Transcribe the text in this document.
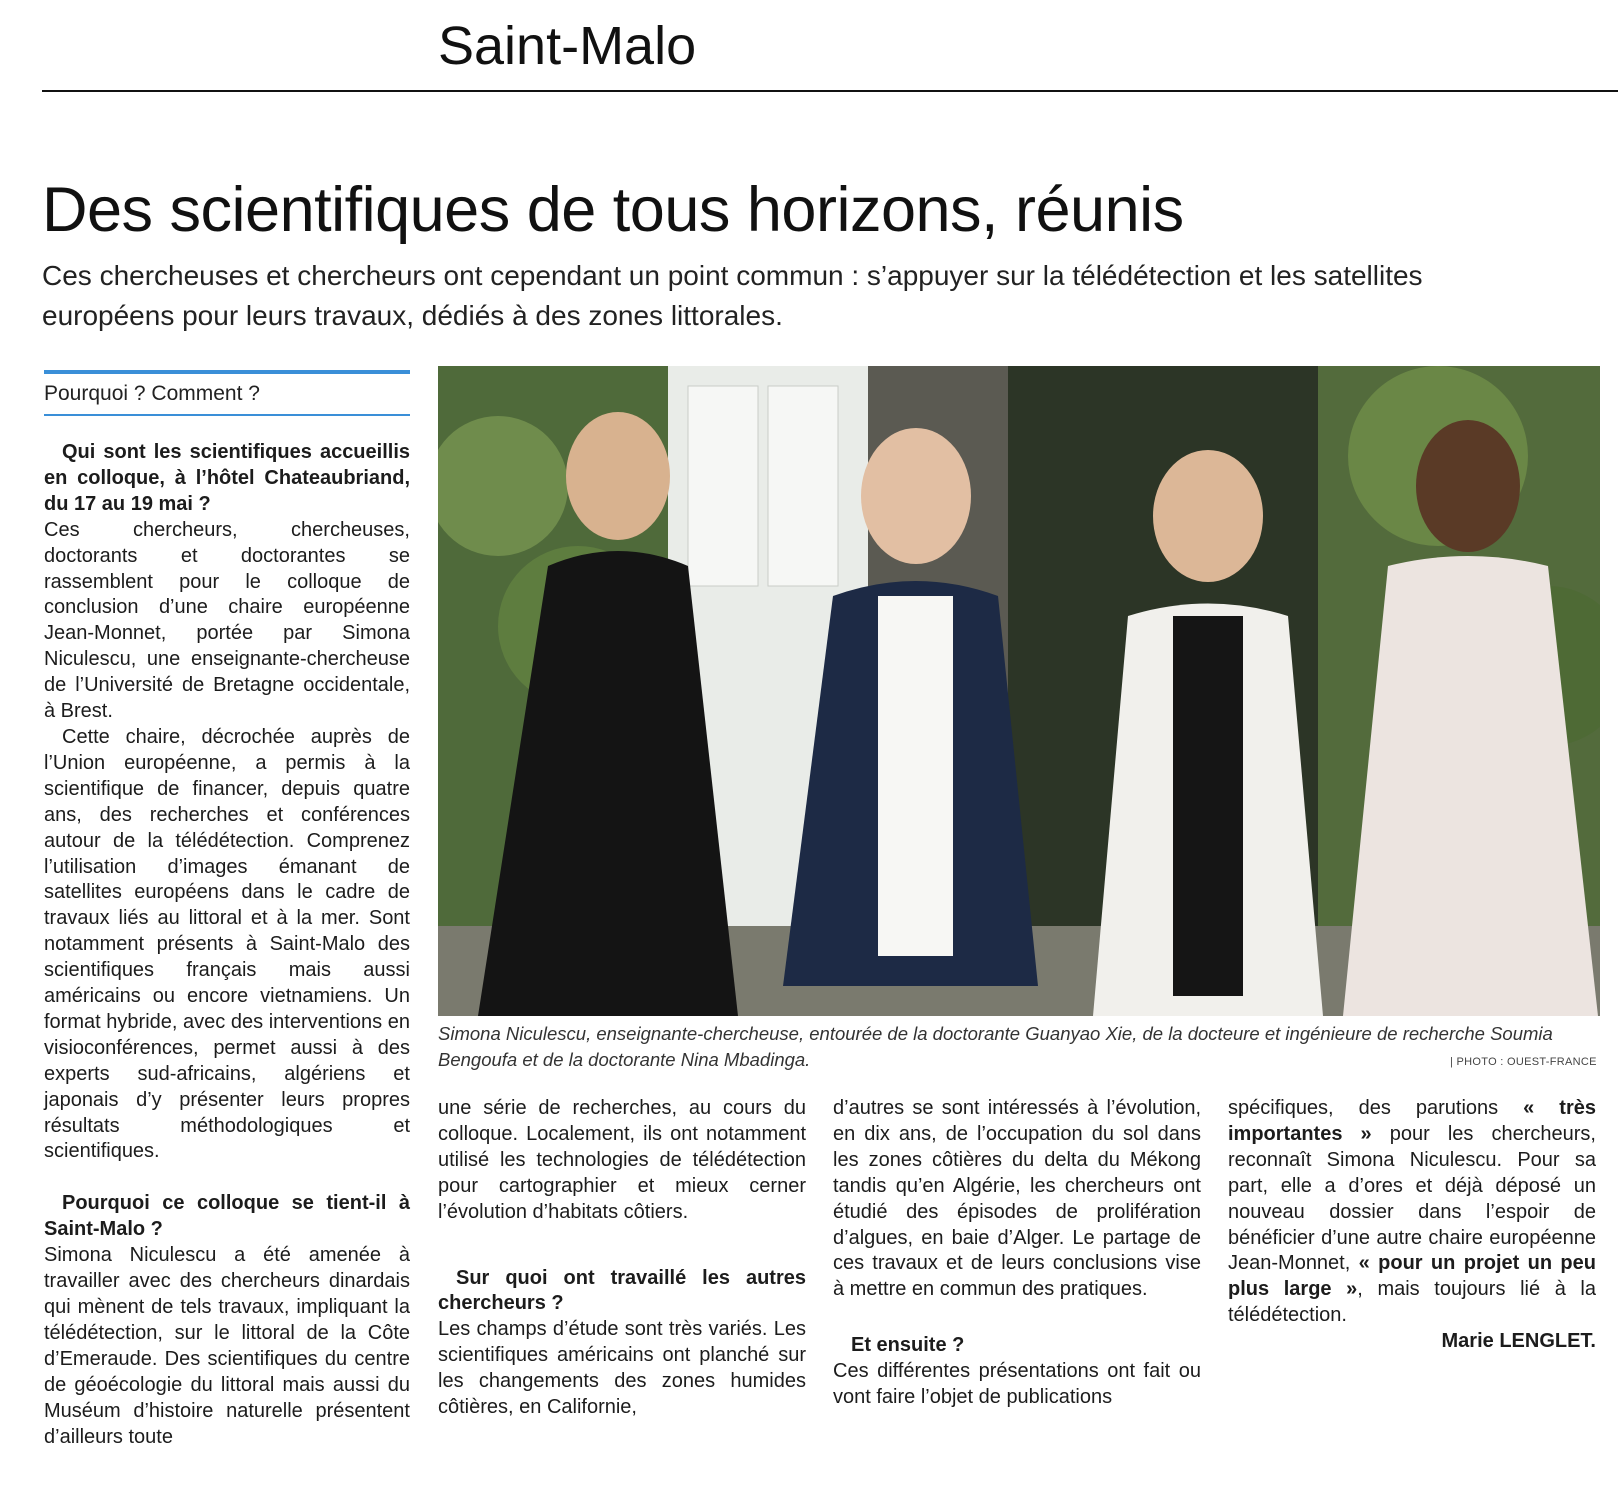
Saint-Malo
Des scientifiques de tous horizons, réunis
Ces chercheuses et chercheurs ont cependant un point commun : s’appuyer sur la télédétection et les satellites européens pour leurs travaux, dédiés à des zones littorales.
Pourquoi ? Comment ?

Qui sont les scientifiques accueillis en colloque, à l’hôtel Chateaubriand, du 17 au 19 mai ?

Ces chercheurs, chercheuses, doctorants et doctorantes se rassemblent pour le colloque de conclusion d’une chaire européenne Jean-Monnet, portée par Simona Niculescu, une enseignante-chercheuse de l’Université de Bretagne occidentale, à Brest.

Cette chaire, décrochée auprès de l’Union européenne, a permis à la scientifique de financer, depuis quatre ans, des recherches et conférences autour de la télédétection. Comprenez l’utilisation d’images émanant de satellites européens dans le cadre de travaux liés au littoral et à la mer. Sont notamment présents à Saint-Malo des scientifiques français mais aussi américains ou encore vietnamiens. Un format hybride, avec des interventions en visioconférences, permet aussi à des experts sud-africains, algériens et japonais d’y présenter leurs propres résultats méthodologiques et scientifiques.

Pourquoi ce colloque se tient-il à Saint-Malo ?

Simona Niculescu a été amenée à travailler avec des chercheurs dinardais qui mènent de tels travaux, impliquant la télédétection, sur le littoral de la Côte d’Emeraude. Des scientifiques du centre de géoécologie du littoral mais aussi du Muséum d’histoire naturelle présentent d’ailleurs toute

Simona Niculescu, enseignante-chercheuse, entourée de la doctorante Guanyao Xie, de la docteure et ingénieure de recherche Soumia Bengoufa et de la doctorante Nina Mbadinga.	| PHOTO : OUEST-FRANCE

une série de recherches, au cours du colloque. Localement, ils ont notamment utilisé les technologies de télédétection pour cartographier et mieux cerner l’évolution d’habitats côtiers.

Sur quoi ont travaillé les autres chercheurs ?

Les champs d’étude sont très variés. Les scientifiques américains ont planché sur les changements des zones humides côtières, en Californie,

d’autres se sont intéressés à l’évolution, en dix ans, de l’occupation du sol dans les zones côtières du delta du Mékong tandis qu’en Algérie, les chercheurs ont étudié des épisodes de prolifération d’algues, en baie d’Alger. Le partage de ces travaux et de leurs conclusions vise à mettre en commun des pratiques.

Et ensuite ?

Ces différentes présentations ont fait ou vont faire l’objet de publications

spécifiques, des parutions « très importantes » pour les chercheurs, reconnaît Simona Niculescu. Pour sa part, elle a d’ores et déjà déposé un nouveau dossier dans l’espoir de bénéficier d’une autre chaire européenne Jean-Monnet, « pour un projet un peu plus large », mais toujours lié à la télédétection.

Marie LENGLET.
